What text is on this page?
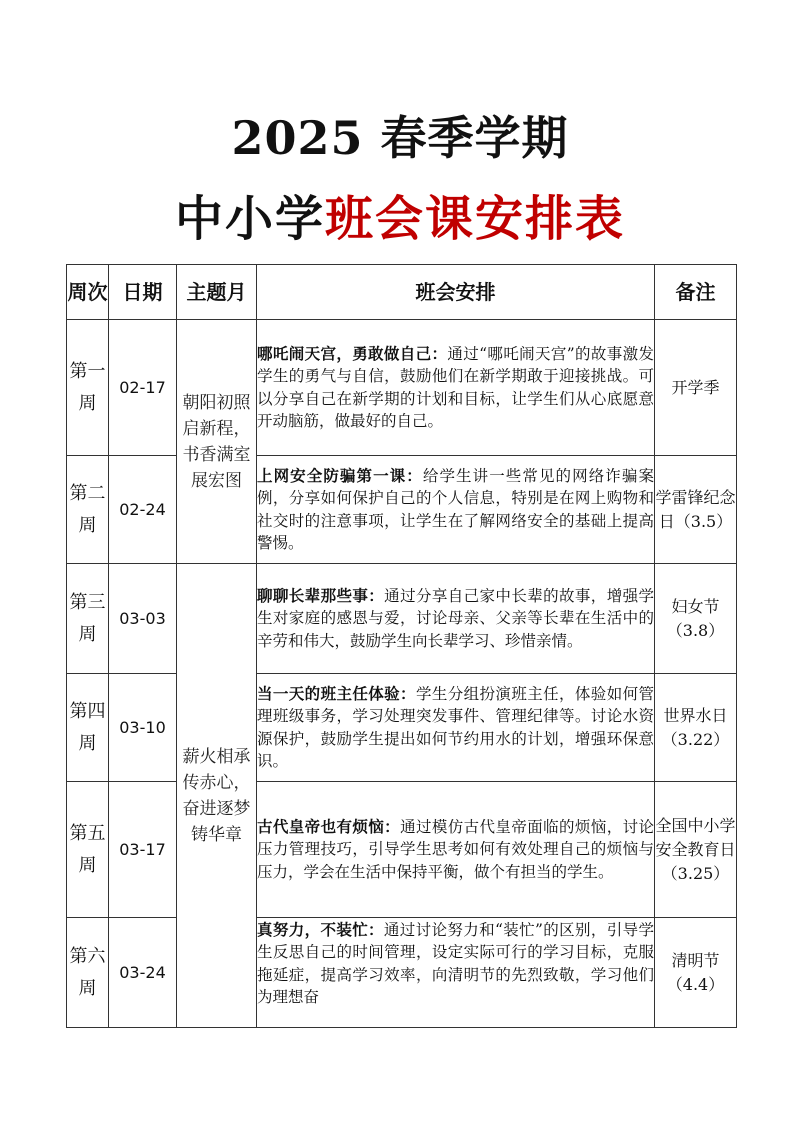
2025 春季学期
中小学班会课安排表
周次	日期	主题月	班会安排	备注
第一周	02-17	朝阳初照 启新程，书香满室 展宏图	哪吒闹天宫，勇敢做自己：通过“哪吒闹天宫”的故事激发学生的勇气与自信，鼓励他们在新学期敢于迎接挑战。可以分享自己在新学期的计划和目标，让学生们从心底愿意开动脑筋，做最好的自己。	开学季
第二周	02-24		上网安全防骗第一课：给学生讲一些常见的网络诈骗案例，分享如何保护自己的个人信息，特别是在网上购物和社交时的注意事项，让学生在了解网络安全的基础上提高警惕。	学雷锋纪念日（3.5）
第三周	03-03	薪火相承 传赤心，奋进逐梦 铸华章	聊聊长辈那些事：通过分享自己家中长辈的故事，增强学生对家庭的感恩与爱，讨论母亲、父亲等长辈在生活中的辛劳和伟大，鼓励学生向长辈学习、珍惜亲情。	妇女节（3.8）
第四周	03-10		当一天的班主任体验：学生分组扮演班主任，体验如何管理班级事务，学习处理突发事件、管理纪律等。讨论水资源保护，鼓励学生提出如何节约用水的计划，增强环保意识。	世界水日（3.22）
第五周	03-17		古代皇帝也有烦恼：通过模仿古代皇帝面临的烦恼，讨论压力管理技巧，引导学生思考如何有效处理自己的烦恼与压力，学会在生活中保持平衡，做个有担当的学生。	全国中小学安全教育日（3.25）
第六周	03-24		真努力，不装忙：通过讨论努力和“装忙”的区别，引导学生反思自己的时间管理，设定实际可行的学习目标，克服拖延症，提高学习效率，向清明节的先烈致敬，学习他们为理想奋	清明节（4.4）
